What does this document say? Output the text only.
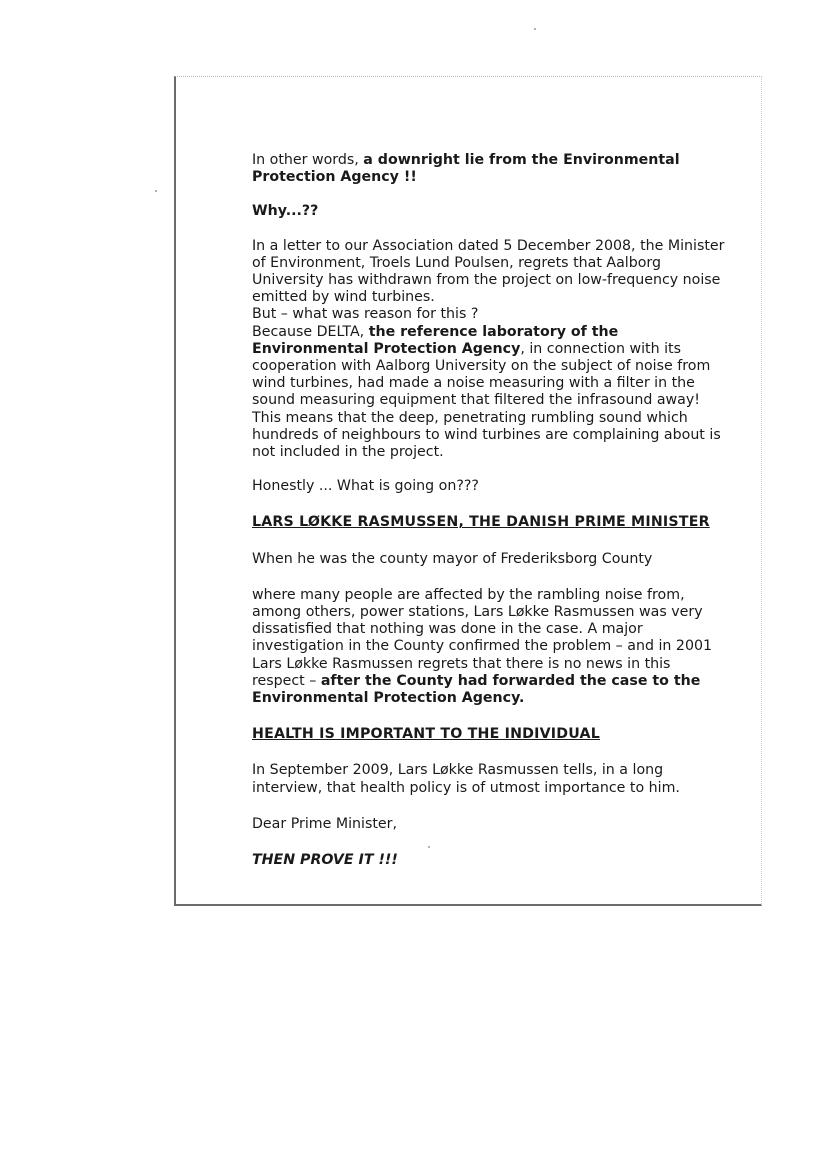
In other words, a downright lie from the Environmental Protection Agency !!

Why...??

In a letter to our Association dated 5 December 2008, the Minister

of Environment, Troels Lund Poulsen, regrets that Aalborg

University has withdrawn from the project on low-frequency noise

emitted by wind turbines.

But – what was reason for this ?

Because DELTA, the reference laboratory of the

Environmental Protection Agency, in connection with its

cooperation with Aalborg University on the subject of noise from

wind turbines, had made a noise measuring with a filter in the

sound measuring equipment that filtered the infrasound away!

This means that the deep, penetrating rumbling sound which

hundreds of neighbours to wind turbines are complaining about is

not included in the project.

Honestly ... What is going on???

LARS LØKKE RASMUSSEN, THE DANISH PRIME MINISTER

When he was the county mayor of Frederiksborg County

where many people are affected by the rambling noise from,

among others, power stations, Lars Løkke Rasmussen was very

dissatisfied that nothing was done in the case. A major

investigation in the County confirmed the problem – and in 2001

Lars Løkke Rasmussen regrets that there is no news in this

respect – after the County had forwarded the case to the

Environmental Protection Agency.

HEALTH IS IMPORTANT TO THE INDIVIDUAL

In September 2009, Lars Løkke Rasmussen tells, in a long

interview, that health policy is of utmost importance to him.

Dear Prime Minister,

THEN PROVE IT !!!
